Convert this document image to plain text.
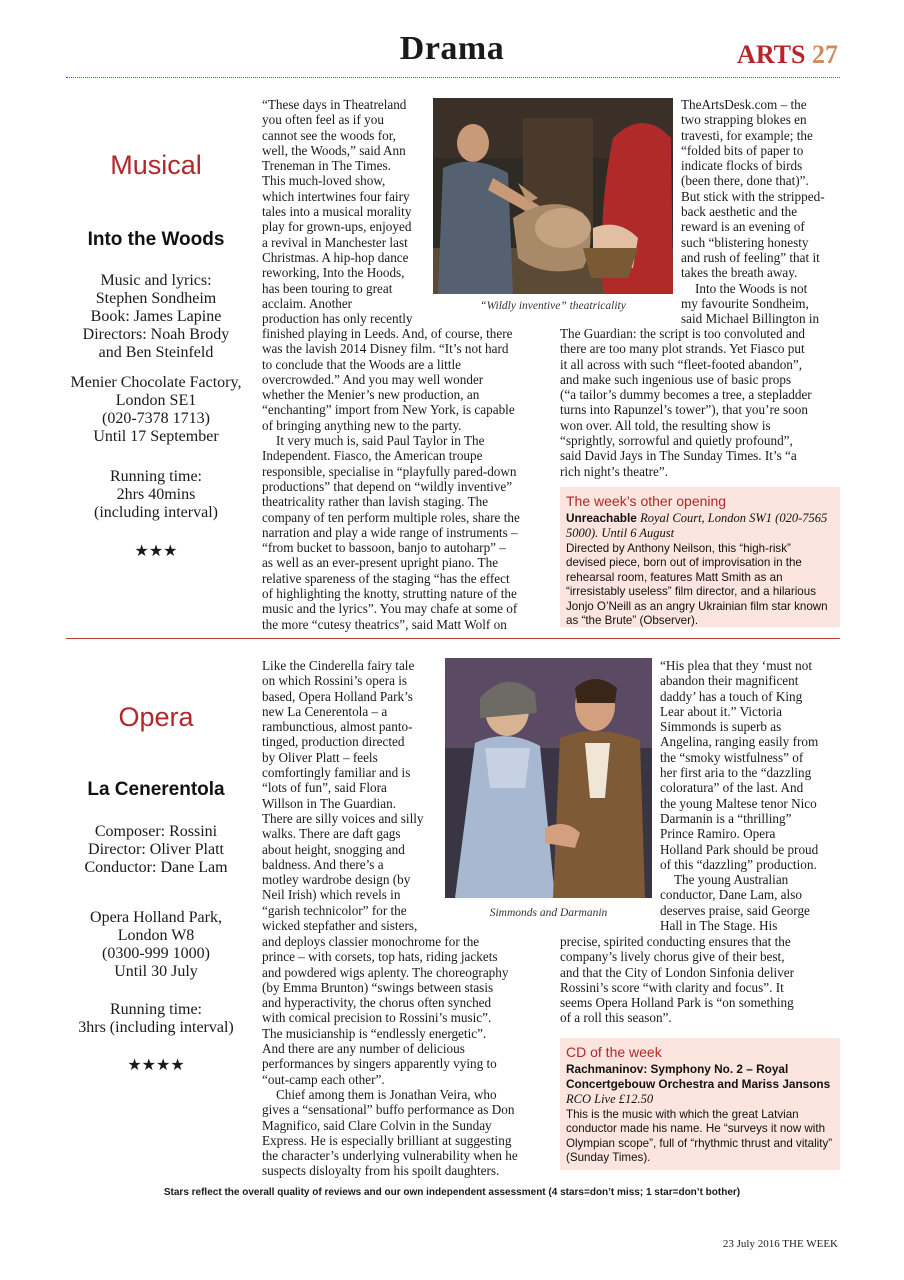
Drama	ARTS 27
Musical
Into the Woods
Music and lyrics:
Stephen Sondheim
Book: James Lapine
Directors: Noah Brody
and Ben Steinfeld
Menier Chocolate Factory,
London SE1
(020-7378 1713)
Until 17 September
Running time:
2hrs 40mins
(including interval)
★★★

“These days in Theatreland

you often feel as if you

cannot see the woods for,

well, the Woods,” said Ann

Treneman in The Times.

This much-loved show,

which intertwines four fairy

tales into a musical morality

play for grown-ups, enjoyed

a revival in Manchester last

Christmas. A hip-hop dance

reworking, Into the Hoods,

has been touring to great

acclaim. Another

production has only recently

finished playing in Leeds. And, of course, there

was the lavish 2014 Disney film. “It’s not hard

to conclude that the Woods are a little

overcrowded.” And you may well wonder

whether the Menier’s new production, an

“enchanting” import from New York, is capable

of bringing anything new to the party.

It very much is, said Paul Taylor in The

Independent. Fiasco, the American troupe

responsible, specialise in “playfully pared-down

productions” that depend on “wildly inventive”

theatricality rather than lavish staging. The

company of ten perform multiple roles, share the

narration and play a wide range of instruments –

“from bucket to bassoon, banjo to autoharp” –

as well as an ever-present upright piano. The

relative spareness of the staging “has the effect

of highlighting the knotty, strutting nature of the

music and the lyrics”. You may chafe at some of

the more “cutesy theatrics”, said Matt Wolf on

“Wildly inventive” theatricality

TheArtsDesk.com – the

two strapping blokes en

travesti, for example; the

“folded bits of paper to

indicate flocks of birds

(been there, done that)”.

But stick with the stripped-

back aesthetic and the

reward is an evening of

such “blistering honesty

and rush of feeling” that it

takes the breath away.

Into the Woods is not

my favourite Sondheim,

said Michael Billington in

The Guardian: the script is too convoluted and

there are too many plot strands. Yet Fiasco put

it all across with such “fleet-footed abandon”,

and make such ingenious use of basic props

(“a tailor’s dummy becomes a tree, a stepladder

turns into Rapunzel’s tower”), that you’re soon

won over. All told, the resulting show is

“sprightly, sorrowful and quietly profound”,

said David Jays in The Sunday Times. It’s “a

rich night’s theatre”.

The week’s other opening
Unreachable Royal Court, London SW1 (020-7565 5000). Until 6 August
Directed by Anthony Neilson, this “high-risk” devised piece, born out of improvisation in the rehearsal room, features Matt Smith as an “irresistably useless” film director, and a hilarious Jonjo O’Neill as an angry Ukrainian film star known as “the Brute” (Observer).
Opera
La Cenerentola
Composer: Rossini
Director: Oliver Platt
Conductor: Dane Lam
Opera Holland Park,
London W8
(0300-999 1000)
Until 30 July
Running time:
3hrs (including interval)
★★★★

Like the Cinderella fairy tale

on which Rossini’s opera is

based, Opera Holland Park’s

new La Cenerentola – a

rambunctious, almost panto-

tinged, production directed

by Oliver Platt – feels

comfortingly familiar and is

“lots of fun”, said Flora

Willson in The Guardian.

There are silly voices and silly

walks. There are daft gags

about height, snogging and

baldness. And there’s a

motley wardrobe design (by

Neil Irish) which revels in

“garish technicolor” for the

wicked stepfather and sisters,

and deploys classier monochrome for the

prince – with corsets, top hats, riding jackets

and powdered wigs aplenty. The choreography

(by Emma Brunton) “swings between stasis

and hyperactivity, the chorus often synched

with comical precision to Rossini’s music”.

The musicianship is “endlessly energetic”.

And there are any number of delicious

performances by singers apparently vying to

“out-camp each other”.

Chief among them is Jonathan Veira, who

gives a “sensational” buffo performance as Don

Magnifico, said Clare Colvin in the Sunday

Express. He is especially brilliant at suggesting

the character’s underlying vulnerability when he

suspects disloyalty from his spoilt daughters.

Simmonds and Darmanin

“His plea that they ‘must not

abandon their magnificent

daddy’ has a touch of King

Lear about it.” Victoria

Simmonds is superb as

Angelina, ranging easily from

the “smoky wistfulness” of

her first aria to the “dazzling

coloratura” of the last. And

the young Maltese tenor Nico

Darmanin is a “thrilling”

Prince Ramiro. Opera

Holland Park should be proud

of this “dazzling” production.

The young Australian

conductor, Dane Lam, also

deserves praise, said George

Hall in The Stage. His

precise, spirited conducting ensures that the

company’s lively chorus give of their best,

and that the City of London Sinfonia deliver

Rossini’s score “with clarity and focus”. It

seems Opera Holland Park is “on something

of a roll this season”.

CD of the week
Rachmaninov: Symphony No. 2 – Royal Concertgebouw Orchestra and Mariss Jansons RCO Live £12.50
This is the music with which the great Latvian conductor made his name. He “surveys it now with Olympian scope”, full of “rhythmic thrust and vitality” (Sunday Times).
Stars reflect the overall quality of reviews and our own independent assessment (4 stars=don’t miss; 1 star=don’t bother)
23 July 2016 THE WEEK
